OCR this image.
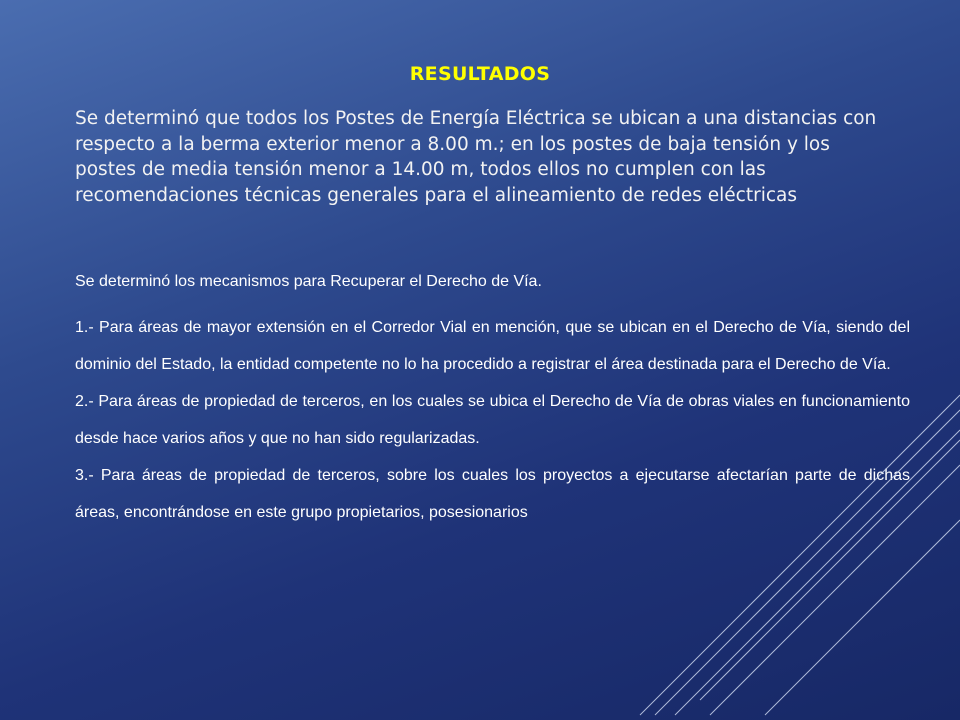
RESULTADOS
Se determinó que todos los Postes de Energía Eléctrica se ubican a una distancias con respecto a la berma exterior menor a 8.00 m.; en los postes de baja tensión y los postes de media tensión menor a 14.00 m, todos ellos no cumplen con las recomendaciones técnicas generales para el alineamiento de redes eléctricas
Se determinó los mecanismos para Recuperar el Derecho de Vía.

1.- Para áreas de mayor extensión en el Corredor Vial en mención, que se ubican en el Derecho de Vía, siendo del dominio del Estado, la entidad competente no lo ha procedido a registrar el área destinada para el Derecho de Vía.

2.- Para áreas de propiedad de terceros, en los cuales se ubica el Derecho de Vía de obras viales en funcionamiento desde hace varios años y que no han sido regularizadas.

3.- Para áreas de propiedad de terceros, sobre los cuales los proyectos a ejecutarse afectarían parte de dichas áreas, encontrándose en este grupo propietarios, posesionarios
